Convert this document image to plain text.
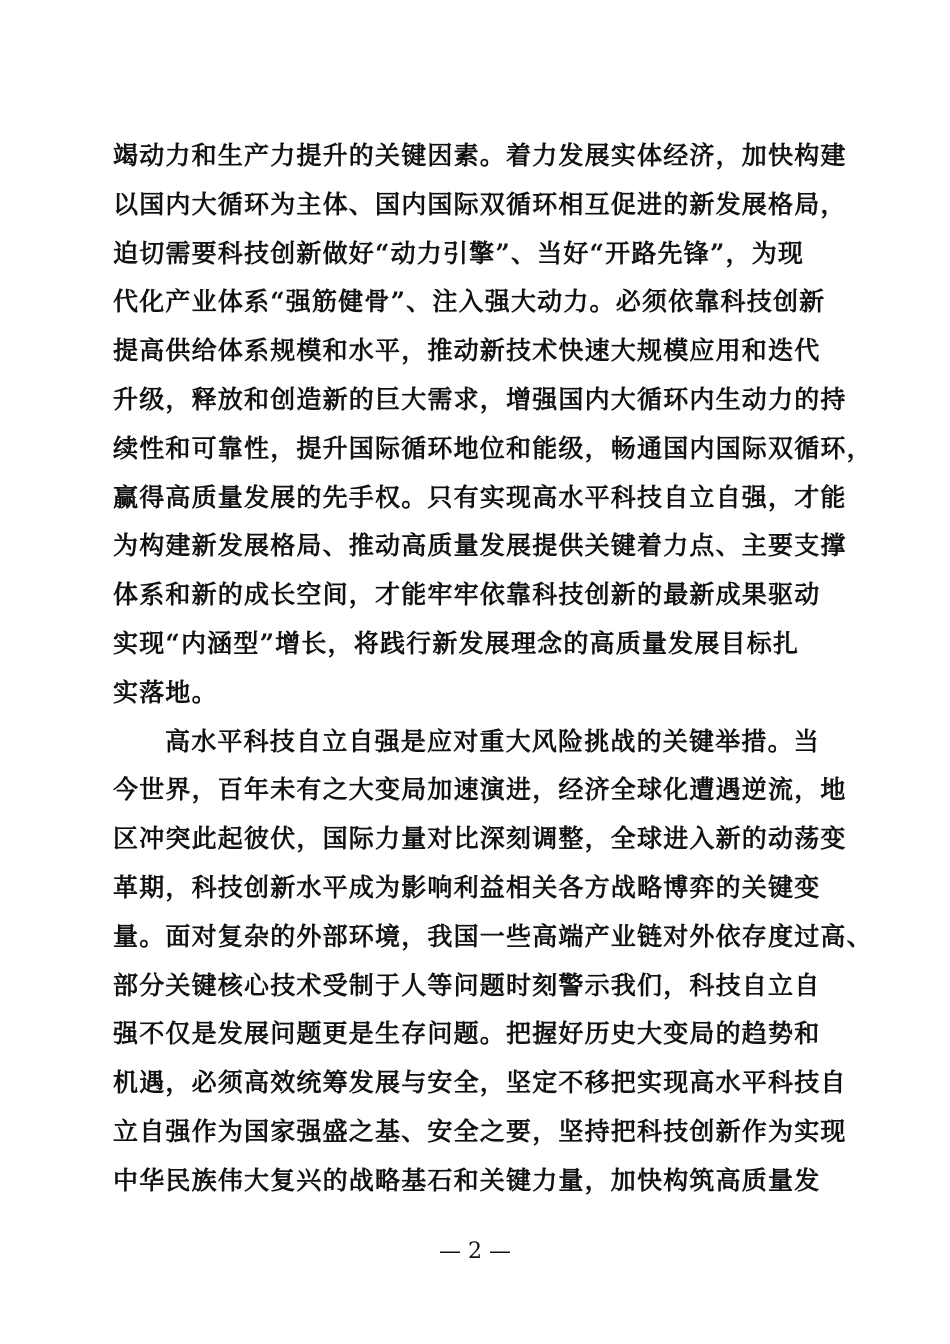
竭动力和生产力提升的关键因素。着力发展实体经济，加快构建
以国内大循环为主体、国内国际双循环相互促进的新发展格局，
迫切需要科技创新做好“动力引擎”、当好“开路先锋”，为现
代化产业体系“强筋健骨”、注入强大动力。必须依靠科技创新
提高供给体系规模和水平，推动新技术快速大规模应用和迭代
升级，释放和创造新的巨大需求，增强国内大循环内生动力的持
续性和可靠性，提升国际循环地位和能级，畅通国内国际双循环，
赢得高质量发展的先手权。只有实现高水平科技自立自强，才能
为构建新发展格局、推动高质量发展提供关键着力点、主要支撑
体系和新的成长空间，才能牢牢依靠科技创新的最新成果驱动
实现“内涵型”增长，将践行新发展理念的高质量发展目标扎
实落地。
高水平科技自立自强是应对重大风险挑战的关键举措。当
今世界，百年未有之大变局加速演进，经济全球化遭遇逆流，地
区冲突此起彼伏，国际力量对比深刻调整，全球进入新的动荡变
革期，科技创新水平成为影响利益相关各方战略博弈的关键变
量。面对复杂的外部环境，我国一些高端产业链对外依存度过高、
部分关键核心技术受制于人等问题时刻警示我们，科技自立自
强不仅是发展问题更是生存问题。把握好历史大变局的趋势和
机遇，必须高效统筹发展与安全，坚定不移把实现高水平科技自
立自强作为国家强盛之基、安全之要，坚持把科技创新作为实现
中华民族伟大复兴的战略基石和关键力量，加快构筑高质量发
— 2 —
